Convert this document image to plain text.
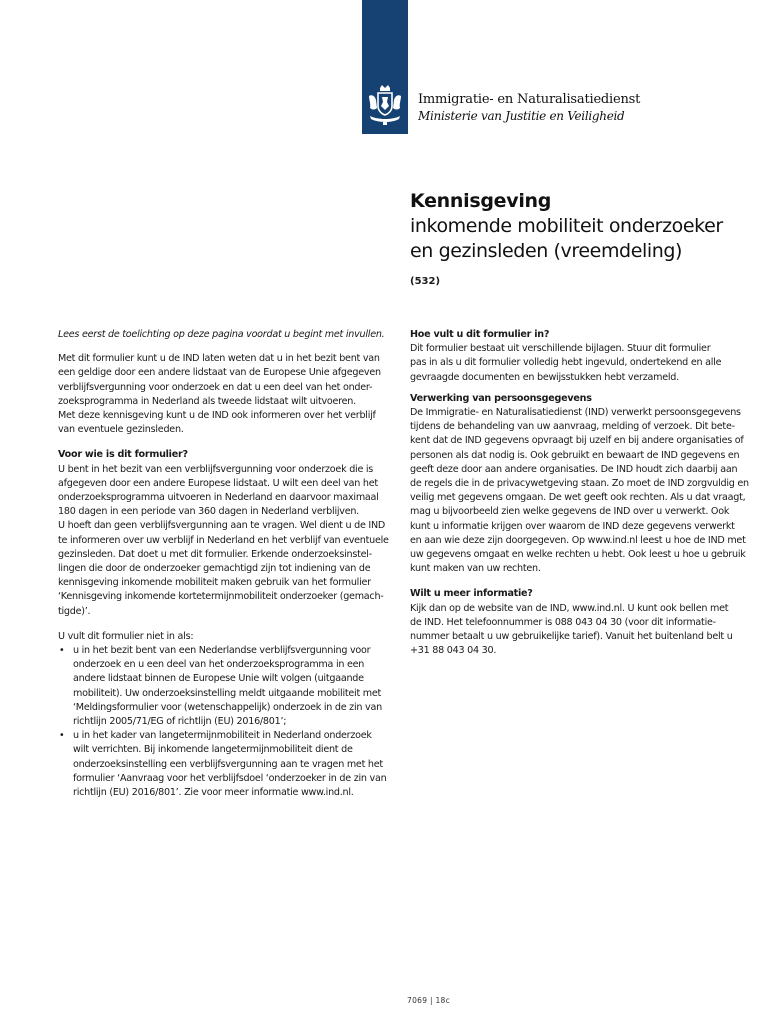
Immigratie- en Naturalisatiedienst
Ministerie van Justitie en Veiligheid
Kennisgeving
inkomende mobiliteit onderzoeker
en gezinsleden (vreemdeling)
(532)

Lees eerst de toelichting op deze pagina voordat u begint met invullen.

Met dit formulier kunt u de IND laten weten dat u in het bezit bent van

een geldige door een andere lidstaat van de Europese Unie afgegeven

verblijfsvergunning voor onderzoek en dat u een deel van het onder-

zoeksprogramma in Nederland als tweede lidstaat wilt uitvoeren.

Met deze kennisgeving kunt u de IND ook informeren over het verblijf

van eventuele gezinsleden.

Voor wie is dit formulier?

U bent in het bezit van een verblijfsvergunning voor onderzoek die is

afgegeven door een andere Europese lidstaat. U wilt een deel van het

onderzoeksprogramma uitvoeren in Nederland en daarvoor maximaal

180 dagen in een periode van 360 dagen in Nederland verblijven.

U hoeft dan geen verblijfsvergunning aan te vragen. Wel dient u de IND

te informeren over uw verblijf in Nederland en het verblijf van eventuele

gezinsleden. Dat doet u met dit formulier. Erkende onderzoeksinstel-

lingen die door de onderzoeker gemachtigd zijn tot indiening van de

kennisgeving inkomende mobiliteit maken gebruik van het formulier

‘Kennisgeving inkomende kortetermijnmobiliteit onderzoeker (gemach-

tigde)’.

U vult dit formulier niet in als:

• u in het bezit bent van een Nederlandse verblijfsvergunning voor

onderzoek en u een deel van het onderzoeksprogramma in een

andere lidstaat binnen de Europese Unie wilt volgen (uitgaande

mobiliteit). Uw onderzoeksinstelling meldt uitgaande mobiliteit met

‘Meldingsformulier voor (wetenschappelijk) onderzoek in de zin van

richtlijn 2005/71/EG of richtlijn (EU) 2016/801’;

• u in het kader van langetermijnmobiliteit in Nederland onderzoek

wilt verrichten. Bij inkomende langetermijnmobiliteit dient de

onderzoeksinstelling een verblijfsvergunning aan te vragen met het

formulier ‘Aanvraag voor het verblijfsdoel ‘onderzoeker in de zin van

richtlijn (EU) 2016/801’. Zie voor meer informatie www.ind.nl.

Hoe vult u dit formulier in?

Dit formulier bestaat uit verschillende bijlagen. Stuur dit formulier

pas in als u dit formulier volledig hebt ingevuld, ondertekend en alle

gevraagde documenten en bewijsstukken hebt verzameld.

Verwerking van persoonsgegevens

De Immigratie- en Naturalisatiedienst (IND) verwerkt persoonsgegevens

tijdens de behandeling van uw aanvraag, melding of verzoek. Dit bete-

kent dat de IND gegevens opvraagt bij uzelf en bij andere organisaties of

personen als dat nodig is. Ook gebruikt en bewaart de IND gegevens en

geeft deze door aan andere organisaties. De IND houdt zich daarbij aan

de regels die in de privacywetgeving staan. Zo moet de IND zorgvuldig en

veilig met gegevens omgaan. De wet geeft ook rechten. Als u dat vraagt,

mag u bijvoorbeeld zien welke gegevens de IND over u verwerkt. Ook

kunt u informatie krijgen over waarom de IND deze gegevens verwerkt

en aan wie deze zijn doorgegeven. Op www.ind.nl leest u hoe de IND met

uw gegevens omgaat en welke rechten u hebt. Ook leest u hoe u gebruik

kunt maken van uw rechten.

Wilt u meer informatie?

Kijk dan op de website van de IND, www.ind.nl. U kunt ook bellen met

de IND. Het telefoonnummer is 088 043 04 30 (voor dit informatie-

nummer betaalt u uw gebruikelijke tarief). Vanuit het buitenland belt u

+31 88 043 04 30.

7069 | 18c
